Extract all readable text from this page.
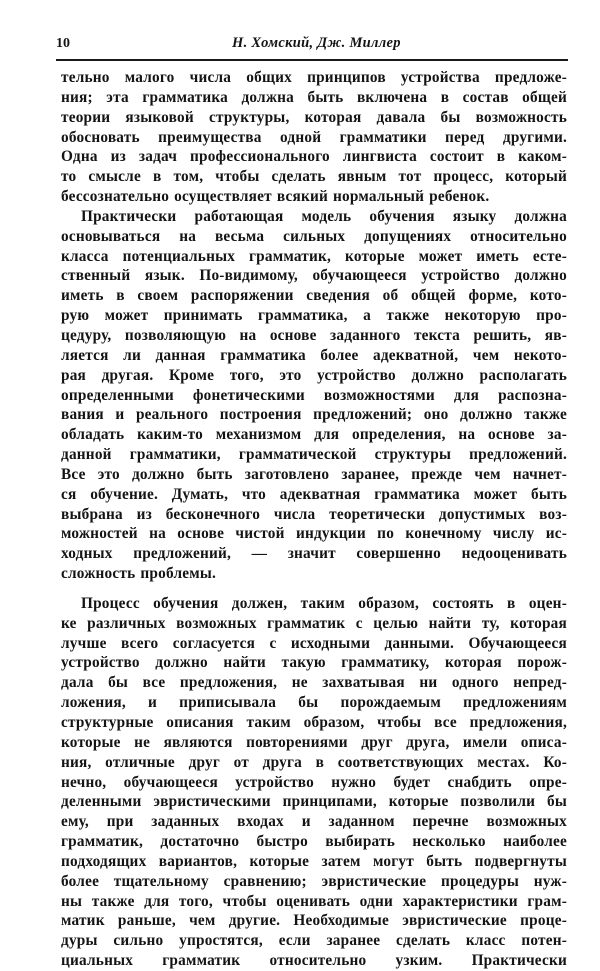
10	Н. Хомский, Дж. Миллер
тельно малого числа общих принципов устройства предложе-
ния; эта грамматика должна быть включена в состав общей
теории языковой структуры, которая давала бы возможность
обосновать преимущества одной грамматики перед другими.
Одна из задач профессионального лингвиста состоит в каком-
то смысле в том, чтобы сделать явным тот процесс, который
бессознательно осуществляет всякий нормальный ребенок.
Практически работающая модель обучения языку должна
основываться на весьма сильных допущениях относительно
класса потенциальных грамматик, которые может иметь есте-
ственный язык. По-видимому, обучающееся устройство должно
иметь в своем распоряжении сведения об общей форме, кото-
рую может принимать грамматика, а также некоторую про-
цедуру, позволяющую на основе заданного текста решить, яв-
ляется ли данная грамматика более адекватной, чем некото-
рая другая. Кроме того, это устройство должно располагать
определенными фонетическими возможностями для распозна-
вания и реального построения предложений; оно должно также
обладать каким-то механизмом для определения, на основе за-
данной грамматики, грамматической структуры предложений.
Все это должно быть заготовлено заранее, прежде чем начнет-
ся обучение. Думать, что адекватная грамматика может быть
выбрана из бесконечного числа теоретически допустимых воз-
можностей на основе чистой индукции по конечному числу ис-
ходных предложений, — значит совершенно недооценивать
сложность проблемы.
Процесс обучения должен, таким образом, состоять в оцен-
ке различных возможных грамматик с целью найти ту, которая
лучше всего согласуется с исходными данными. Обучающееся
устройство должно найти такую грамматику, которая порож-
дала бы все предложения, не захватывая ни одного непред-
ложения, и приписывала бы порождаемым предложениям
структурные описания таким образом, чтобы все предложения,
которые не являются повторениями друг друга, имели описа-
ния, отличные друг от друга в соответствующих местах. Ко-
нечно, обучающееся устройство нужно будет снабдить опре-
деленными эвристическими принципами, которые позволили бы
ему, при заданных входах и заданном перечне возможных
грамматик, достаточно быстро выбирать несколько наиболее
подходящих вариантов, которые затем могут быть подвергнуты
более тщательному сравнению; эвристические процедуры нуж-
ны также для того, чтобы оценивать одни характеристики грам-
матик раньше, чем другие. Необходимые эвристические проце-
дуры сильно упростятся, если заранее сделать класс потен-
циальных грамматик относительно узким. Практически
